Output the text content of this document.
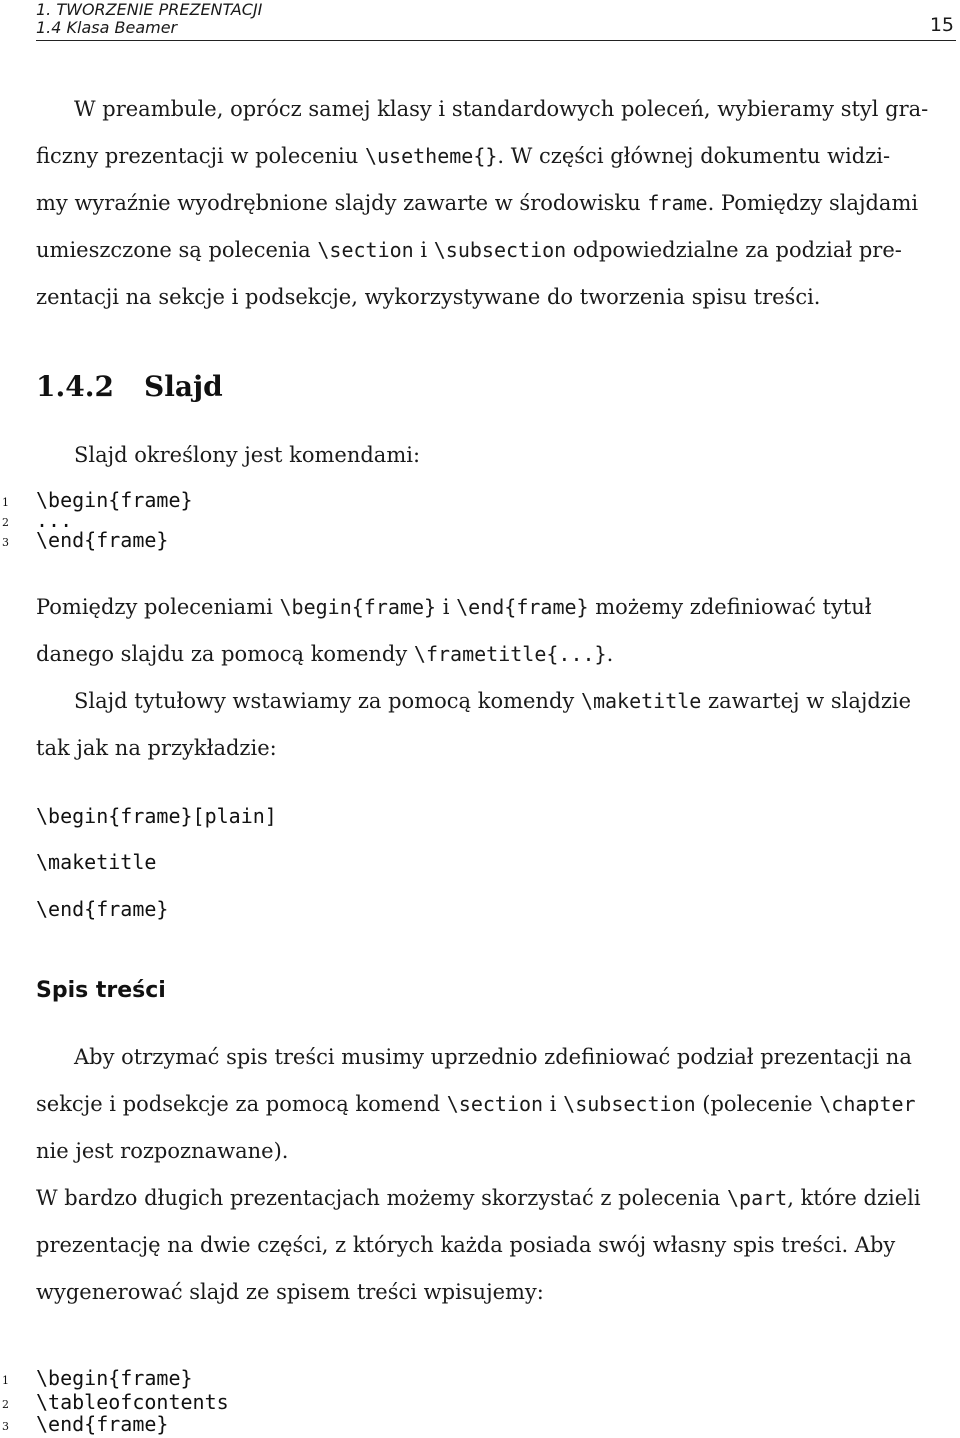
1. TWORZENIE PREZENTACJI
1.4 Klasa Beamer	15
W preambule, oprócz samej klasy i standardowych poleceń, wybieramy styl gra-
ficzny prezentacji w poleceniu \usetheme{}. W części głównej dokumentu widzi-
my wyraźnie wyodrębnione slajdy zawarte w środowisku frame. Pomiędzy slajdami
umieszczone są polecenia \section i \subsection odpowiedzialne za podział pre-
zentacji na sekcje i podsekcje, wykorzystywane do tworzenia spisu treści.
1.4.2 Slajd
Slajd określony jest komendami:
1 \begin{frame}
2 ...
3 \end{frame}
Pomiędzy poleceniami \begin{frame} i \end{frame} możemy zdefiniować tytuł
danego slajdu za pomocą komendy \frametitle{...}.
Slajd tytułowy wstawiamy za pomocą komendy \maketitle zawartej w slajdzie
tak jak na przykładzie:
\begin{frame}[plain]
\maketitle
\end{frame}
Spis treści
Aby otrzymać spis treści musimy uprzednio zdefiniować podział prezentacji na
sekcje i podsekcje za pomocą komend \section i \subsection (polecenie \chapter
nie jest rozpoznawane).
W bardzo długich prezentacjach możemy skorzystać z polecenia \part, które dzieli
prezentację na dwie części, z których każda posiada swój własny spis treści. Aby
wygenerować slajd ze spisem treści wpisujemy:
1 \begin{frame}
2 \tableofcontents
3 \end{frame}
